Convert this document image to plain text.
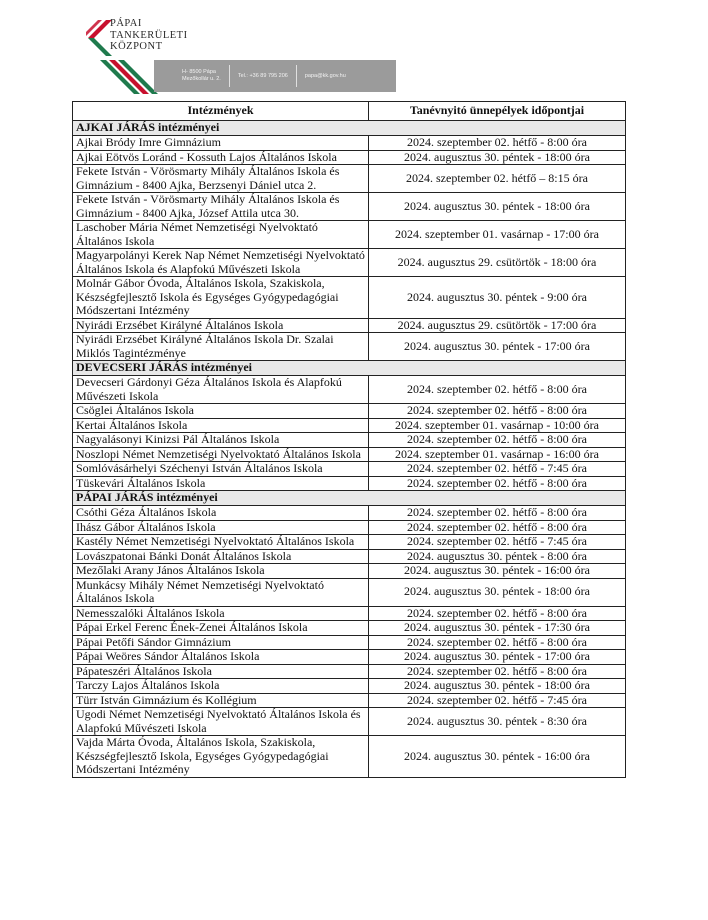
PÁPAI
TANKERÜLETI
KÖZPONT
H- 8500 Pápa
Mezőkollár u. 2.
Tel.: +36 89 795 206	papa@kk.gov.hu
Intézmények	Tanévnyitó ünnepélyek időpontjai
AJKAI JÁRÁS intézményei	
Ajkai Bródy Imre Gimnázium	2024. szeptember 02. hétfő - 8:00 óra
Ajkai Eötvös Loránd - Kossuth Lajos Általános Iskola	2024. augusztus 30. péntek - 18:00 óra
Fekete István - Vörösmarty Mihály Általános Iskola és Gimnázium - 8400 Ajka, Berzsenyi Dániel utca 2.	2024. szeptember 02. hétfő – 8:15 óra
Fekete István - Vörösmarty Mihály Általános Iskola és Gimnázium - 8400 Ajka, József Attila utca 30.	2024. augusztus 30. péntek - 18:00 óra
Laschober Mária Német Nemzetiségi Nyelvoktató Általános Iskola	2024. szeptember 01. vasárnap - 17:00 óra
Magyarpolányi Kerek Nap Német Nemzetiségi Nyelvoktató Általános Iskola és Alapfokú Művészeti Iskola	2024. augusztus 29. csütörtök - 18:00 óra
Molnár Gábor Óvoda, Általános Iskola, Szakiskola, Készségfejlesztő Iskola és Egységes Gyógypedagógiai Módszertani Intézmény	2024. augusztus 30. péntek - 9:00 óra
Nyirádi Erzsébet Királyné Általános Iskola	2024. augusztus 29. csütörtök - 17:00 óra
Nyirádi Erzsébet Királyné Általános Iskola Dr. Szalai Miklós Tagintézménye	2024. augusztus 30. péntek - 17:00 óra
DEVECSERI JÁRÁS intézményei	
Devecseri Gárdonyi Géza Általános Iskola és Alapfokú Művészeti Iskola	2024. szeptember 02. hétfő - 8:00 óra
Csöglei Általános Iskola	2024. szeptember 02. hétfő - 8:00 óra
Kertai Általános Iskola	2024. szeptember 01. vasárnap - 10:00 óra
Nagyalásonyi Kinizsi Pál Általános Iskola	2024. szeptember 02. hétfő - 8:00 óra
Noszlopi Német Nemzetiségi Nyelvoktató Általános Iskola	2024. szeptember 01. vasárnap - 16:00 óra
Somlóvásárhelyi Széchenyi István Általános Iskola	2024. szeptember 02. hétfő - 7:45 óra
Tüskevári Általános Iskola	2024. szeptember 02. hétfő - 8:00 óra
PÁPAI JÁRÁS intézményei	
Csóthi Géza Általános Iskola	2024. szeptember 02. hétfő - 8:00 óra
Ihász Gábor Általános Iskola	2024. szeptember 02. hétfő - 8:00 óra
Kastély Német Nemzetiségi Nyelvoktató Általános Iskola	2024. szeptember 02. hétfő - 7:45 óra
Lovászpatonai Bánki Donát Általános Iskola	2024. augusztus 30. péntek - 8:00 óra
Mezőlaki Arany János Általános Iskola	2024. augusztus 30. péntek - 16:00 óra
Munkácsy Mihály Német Nemzetiségi Nyelvoktató Általános Iskola	2024. augusztus 30. péntek - 18:00 óra
Nemesszalóki Általános Iskola	2024. szeptember 02. hétfő - 8:00 óra
Pápai Erkel Ferenc Ének-Zenei Általános Iskola	2024. augusztus 30. péntek - 17:30 óra
Pápai Petőfi Sándor Gimnázium	2024. szeptember 02. hétfő - 8:00 óra
Pápai Weöres Sándor Általános Iskola	2024. augusztus 30. péntek - 17:00 óra
Pápateszéri Általános Iskola	2024. szeptember 02. hétfő - 8:00 óra
Tarczy Lajos Általános Iskola	2024. augusztus 30. péntek - 18:00 óra
Türr István Gimnázium és Kollégium	2024. szeptember 02. hétfő - 7:45 óra
Ugodi Német Nemzetiségi Nyelvoktató Általános Iskola és Alapfokú Művészeti Iskola	2024. augusztus 30. péntek - 8:30 óra
Vajda Márta Óvoda, Általános Iskola, Szakiskola, Készségfejlesztő Iskola, Egységes Gyógypedagógiai Módszertani Intézmény	2024. augusztus 30. péntek - 16:00 óra
